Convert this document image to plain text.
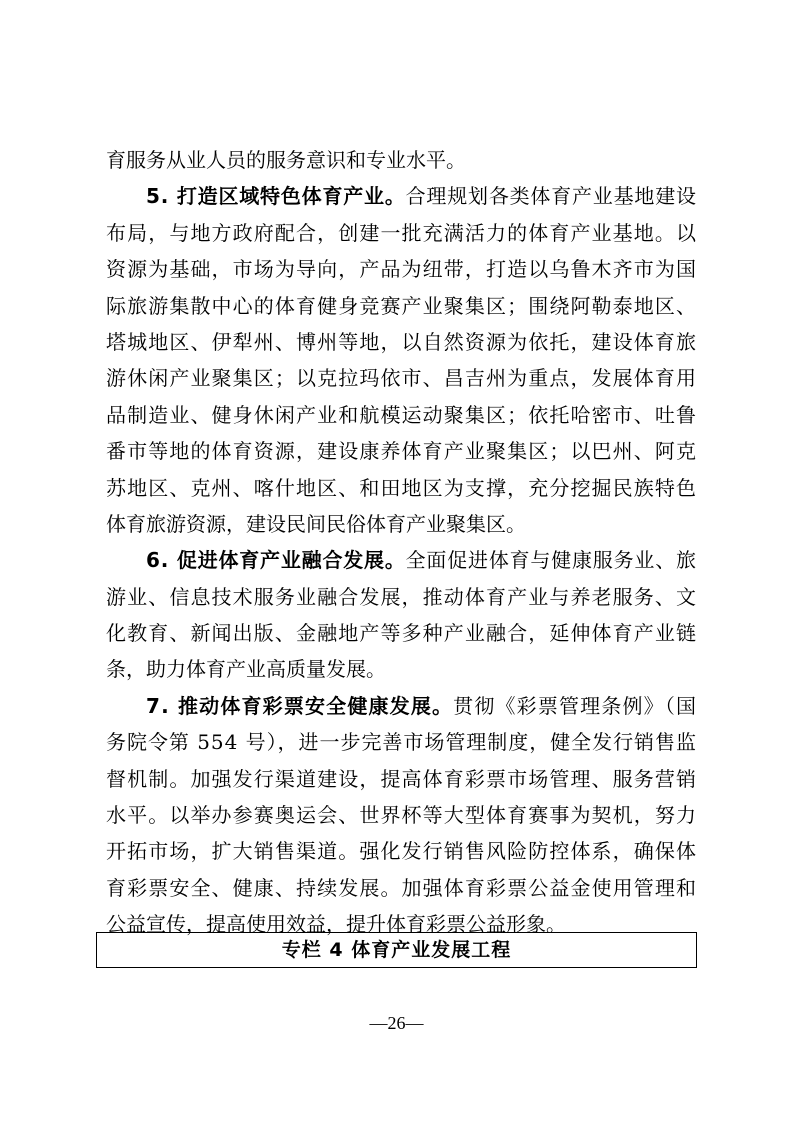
育服务从业人员的服务意识和专业水平。
5. 打造区域特色体育产业。合理规划各类体育产业基地建设
布局，与地方政府配合，创建一批充满活力的体育产业基地。以
资源为基础，市场为导向，产品为纽带，打造以乌鲁木齐市为国
际旅游集散中心的体育健身竞赛产业聚集区；围绕阿勒泰地区、
塔城地区、伊犁州、博州等地，以自然资源为依托，建设体育旅
游休闲产业聚集区；以克拉玛依市、昌吉州为重点，发展体育用
品制造业、健身休闲产业和航模运动聚集区；依托哈密市、吐鲁
番市等地的体育资源，建设康养体育产业聚集区；以巴州、阿克
苏地区、克州、喀什地区、和田地区为支撑，充分挖掘民族特色
体育旅游资源，建设民间民俗体育产业聚集区。
6. 促进体育产业融合发展。全面促进体育与健康服务业、旅
游业、信息技术服务业融合发展，推动体育产业与养老服务、文
化教育、新闻出版、金融地产等多种产业融合，延伸体育产业链
条，助力体育产业高质量发展。
7. 推动体育彩票安全健康发展。贯彻《彩票管理条例》（国
务院令第 554 号），进一步完善市场管理制度，健全发行销售监
督机制。加强发行渠道建设，提高体育彩票市场管理、服务营销
水平。以举办参赛奥运会、世界杯等大型体育赛事为契机，努力
开拓市场，扩大销售渠道。强化发行销售风险防控体系，确保体
育彩票安全、健康、持续发展。加强体育彩票公益金使用管理和
公益宣传，提高使用效益，提升体育彩票公益形象。
专栏 4 体育产业发展工程
—26—
